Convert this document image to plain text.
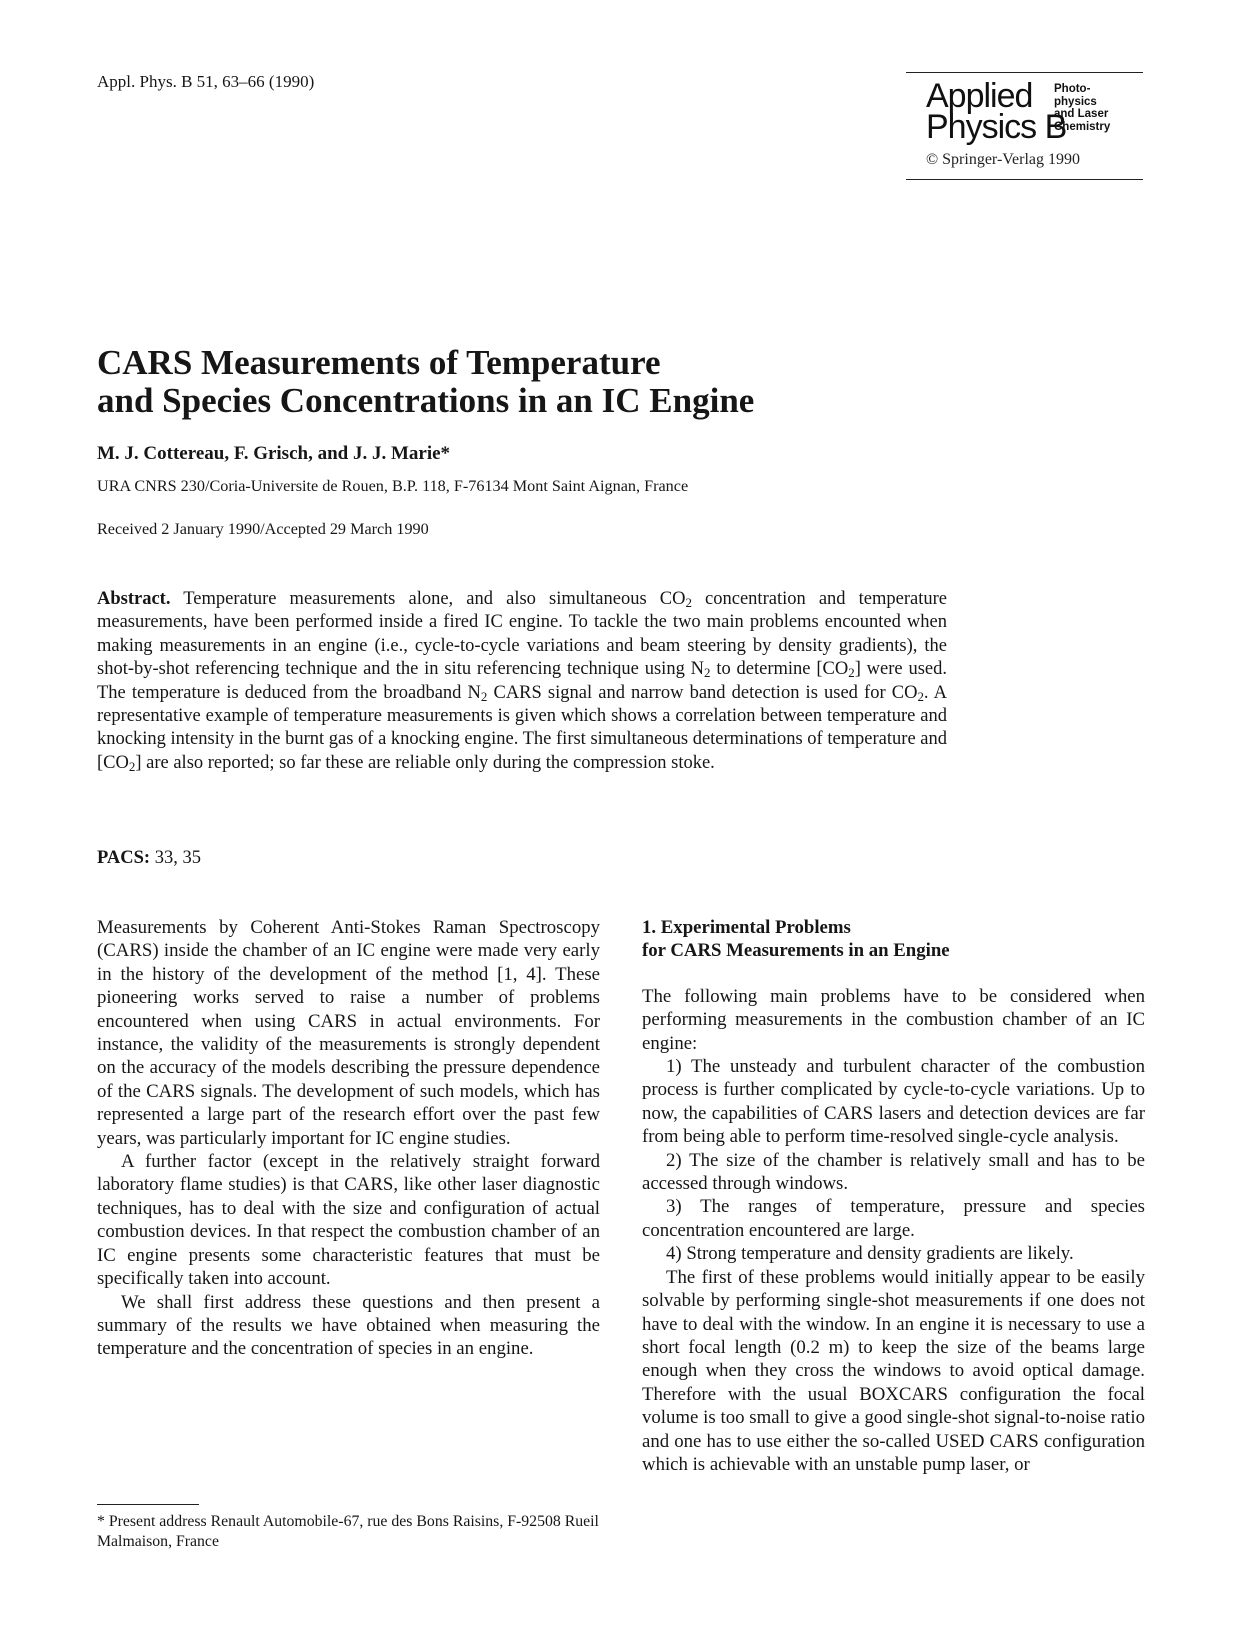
Appl. Phys. B 51, 63–66 (1990)	Applied
Physics B
Photo-
physics
and Laser
Chemistry
© Springer-Verlag 1990
CARS Measurements of Temperature
and Species Concentrations in an IC Engine
M. J. Cottereau, F. Grisch, and J. J. Marie*
URA CNRS 230/Coria-Universite de Rouen, B.P. 118, F-76134 Mont Saint Aignan, France
Received 2 January 1990/Accepted 29 March 1990
Abstract. Temperature measurements alone, and also simultaneous $CO_2$ concentration and temperature measurements, have been performed inside a fired IC engine. To tackle the two main problems encounted when making measurements in an engine (i.e., cycle-to-cycle variations and beam steering by density gradients), the shot-by-shot referencing technique and the in situ referencing technique using $N_2$ to determine $[CO_2]$ were used. The temperature is deduced from the broadband $N_2$ CARS signal and narrow band detection is used for $CO_2$. A representative example of temperature measurements is given which shows a correlation between temperature and knocking intensity in the burnt gas of a knocking engine. The first simultaneous determinations of temperature and $[CO_2]$ are also reported; so far these are reliable only during the compression stoke.
PACS: 33, 35

Measurements by Coherent Anti-Stokes Raman Spectroscopy (CARS) inside the chamber of an IC engine were made very early in the history of the development of the method [1, 4]. These pioneering works served to raise a number of problems encountered when using CARS in actual environments. For instance, the validity of the measurements is strongly dependent on the accuracy of the models describing the pressure dependence of the CARS signals. The development of such models, which has represented a large part of the research effort over the past few years, was particularly important for IC engine studies.

A further factor (except in the relatively straight forward laboratory flame studies) is that CARS, like other laser diagnostic techniques, has to deal with the size and configuration of actual combustion devices. In that respect the combustion chamber of an IC engine presents some characteristic features that must be specifically taken into account.

We shall first address these questions and then present a summary of the results we have obtained when measuring the temperature and the concentration of species in an engine.

* Present address Renault Automobile-67, rue des Bons Raisins, F-92508 Rueil Malmaison, France

1. Experimental Problems
for CARS Measurements in an Engine

The following main problems have to be considered when performing measurements in the combustion chamber of an IC engine:

1) The unsteady and turbulent character of the combustion process is further complicated by cycle-to-cycle variations. Up to now, the capabilities of CARS lasers and detection devices are far from being able to perform time-resolved single-cycle analysis.

2) The size of the chamber is relatively small and has to be accessed through windows.

3) The ranges of temperature, pressure and species concentration encountered are large.

4) Strong temperature and density gradients are likely.

The first of these problems would initially appear to be easily solvable by performing single-shot measurements if one does not have to deal with the window. In an engine it is necessary to use a short focal length (0.2 m) to keep the size of the beams large enough when they cross the windows to avoid optical damage. Therefore with the usual BOXCARS configuration the focal volume is too small to give a good single-shot signal-to-noise ratio and one has to use either the so-called USED CARS configuration which is achievable with an unstable pump laser, or
